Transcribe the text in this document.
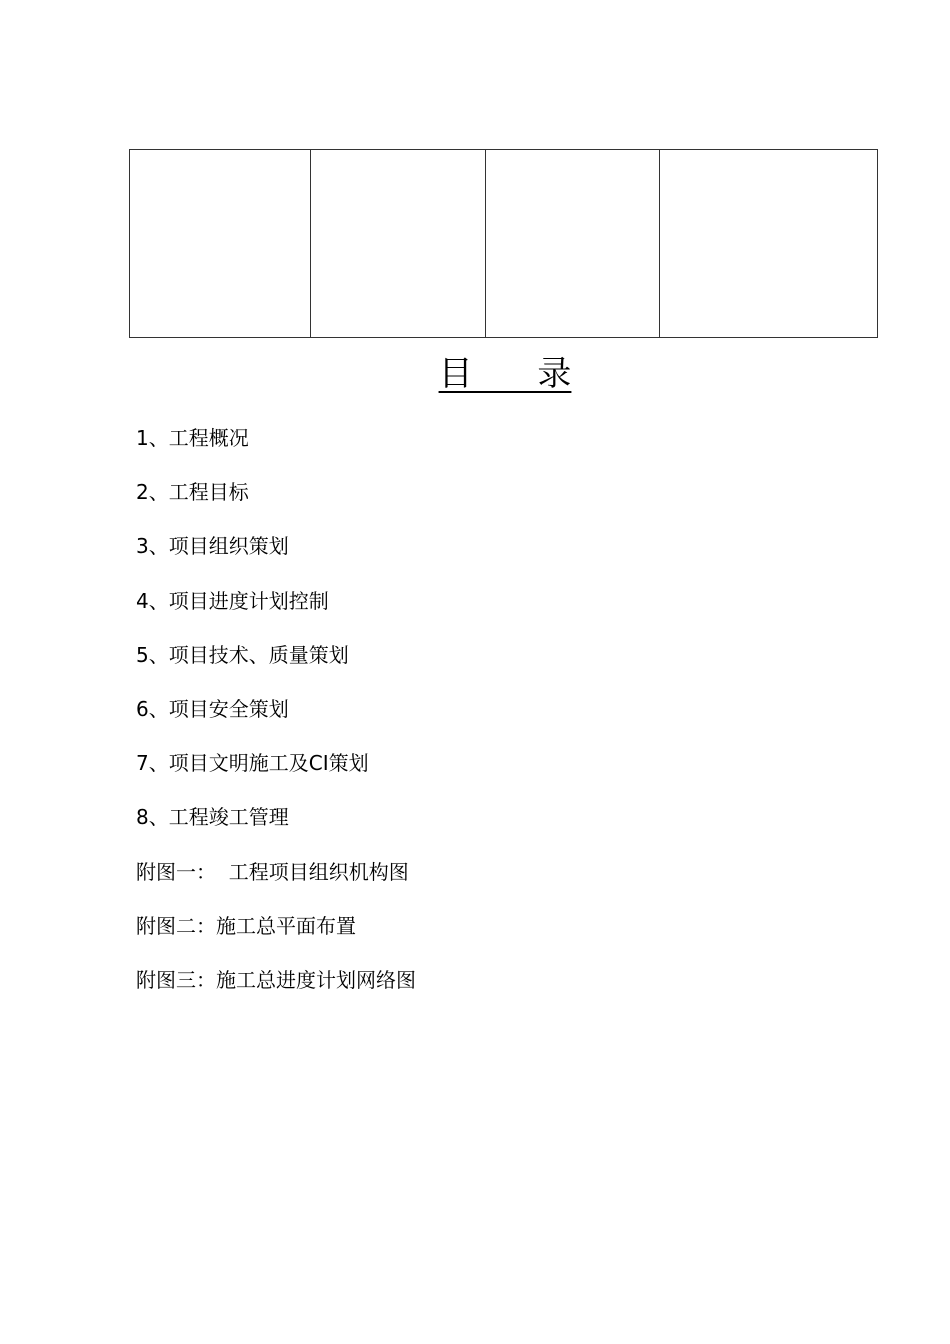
目      录
1、工程概况
2、工程目标
3、项目组织策划
4、项目进度计划控制
5、项目技术、质量策划
6、项目安全策划
7、项目文明施工及CI策划
8、工程竣工管理
附图一：  工程项目组织机构图
附图二：施工总平面布置
附图三：施工总进度计划网络图
